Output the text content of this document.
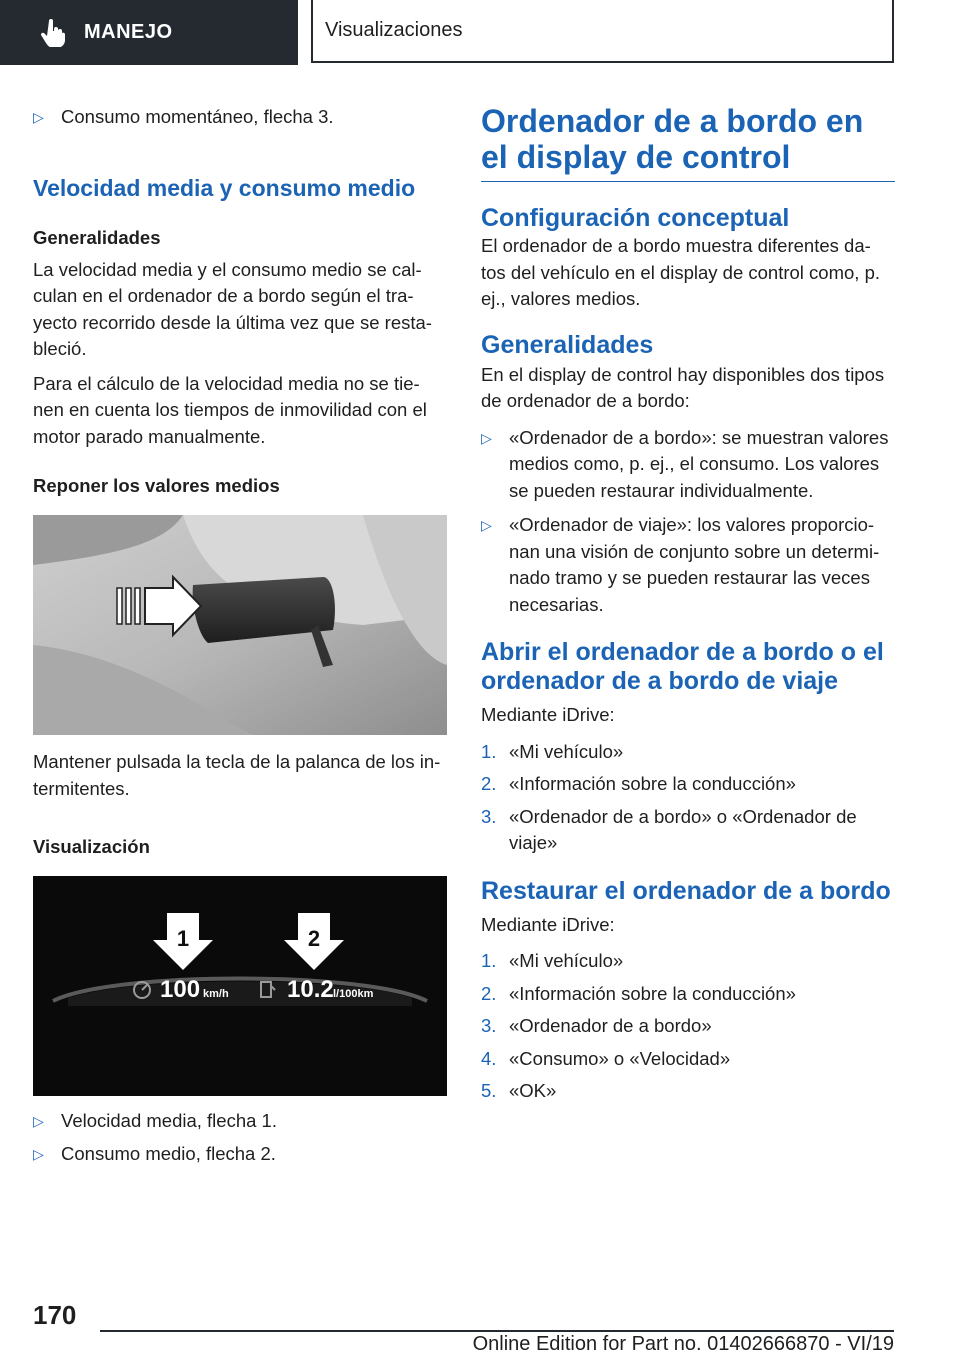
MANEJO	Visualizaciones
▷ Consumo momentáneo, flecha 3.
Velocidad media y consumo medio
Generalidades

La velocidad media y el consumo medio se cal-culan en el ordenador de a bordo según el tra-yecto recorrido desde la última vez que se resta-bleció.

Para el cálculo de la velocidad media no se tie-nen en cuenta los tiempos de inmovilidad con el motor parado manualmente.

Reponer los valores medios

Mantener pulsada la tecla de la palanca de los in-termitentes.

Visualización
1	2
100 km/h 10.2 l/100km
▷ Velocidad media, flecha 1.
▷ Consumo medio, flecha 2.
Ordenador de a bordo en el display de control
Configuración conceptual

El ordenador de a bordo muestra diferentes da-tos del vehículo en el display de control como, p. ej., valores medios.

Generalidades

En el display de control hay disponibles dos tipos de ordenador de a bordo:

▷ «Ordenador de a bordo»: se muestran valores medios como, p. ej., el consumo. Los valores se pueden restaurar individualmente.
▷ «Ordenador de viaje»: los valores proporcio-nan una visión de conjunto sobre un determi-nado tramo y se pueden restaurar las veces necesarias.
Abrir el ordenador de a bordo o el ordenador de a bordo de viaje

Mediante iDrive:

1. «Mi vehículo»
2. «Información sobre la conducción»
3. «Ordenador de a bordo» o «Ordenador de viaje»
Restaurar el ordenador de a bordo

Mediante iDrive:

1. «Mi vehículo»
2. «Información sobre la conducción»
3. «Ordenador de a bordo»
4. «Consumo» o «Velocidad»
5. «OK»
170
Online Edition for Part no. 01402666870 - VI/19
